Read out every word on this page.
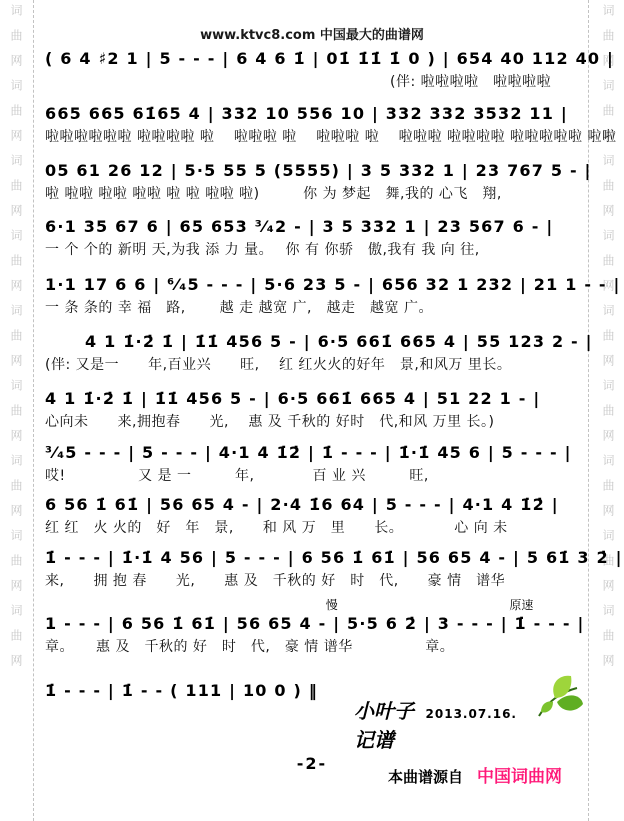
词曲网词曲网词曲网词曲网词曲网词曲网词曲网词曲网词曲网	词曲网词曲网词曲网词曲网词曲网词曲网词曲网词曲网词曲网
www.ktvc8.com 中国最大的曲谱网
( 6 4 ♯2 1 | 5 - - - | 6 4 6 1̇ | 01̇ 1̇1̇ 1̇ 0 ) | 654 40 112 40 |
(伴: 啦啦啦啦　啦啦啦啦
665 665 61̇65 4 | 332 10 556 10 | 332 332 3532 11 |
啦啦啦啦啦啦 啦啦啦啦 啦　 啦啦啦 啦　 啦啦啦 啦　 啦啦啦 啦啦啦啦 啦啦啦啦啦 啦啦
05 61 26 12 | 5·5 55 5 (5555) | 3 5 332 1 | 23 767 5 - |
啦 啦啦 啦啦 啦啦 啦 啦 啦啦 啦)　　　你 为 梦起　舞,我的 心飞　翔,
6·1 35 67 6 | 65 653 ³⁄₄2 - | 3 5 332 1 | 23 567 6 - |
一 个 个的 新明 天,为我 添 力 量。　 你 有 你骄　傲,我有 我 向 往,
1·1 17 6 6 | ⁶⁄₄5 - - - | 5·6 23 5 - | 656 32 1 232 | 21 1 - - |
一 条 条的 幸 福　路,　　 越 走 越宽 广,　越走　越宽 广。
4 1 1̇·2̇ 1̇ | 1̇1̇ 456 5 - | 6·5 661̇ 665 4 | 55 123 2 - |
(伴: 又是一　　年,百业兴　　旺,　 红 红火火的好年　景,和风万 里长。
4 1 1̇·2̇ 1̇ | 1̇1̇ 456 5 - | 6·5 661̇ 665 4 | 51 22 1 - |
心向未　　来,拥抱春　　光,　 惠 及 千秋的 好时　代,和风 万里 长。)
³⁄₄5 - - - | 5 - - - | 4·1 4 1̇2̇ | 1̇ - - - | 1̇·1̇ 45 6 | 5 - - - |
哎!　　　　　又 是 一　　　年,　　　　百 业 兴　　　旺,
6 56 1̇ 61̇ | 56 65 4 - | 2·4 1̇6 64 | 5 - - - | 4·1 4 1̇2̇ |
红 红　火 火的　好　年　景,　　和 风 万　里　　长。　　　　心 向 未
1̇ - - - | 1̇·1̇ 4 56 | 5 - - - | 6 56 1̇ 61̇ | 56 65 4 - | 5 61̇ 3 2̇ |
来,　　拥 抱 春　　光,　　惠 及　千秋的 好　时　代,　　豪 情　谱华
慢	原速
1 - - - | 6 56 1̇ 61̇ | 56 65 4 - | 5·5 6 2̇ | 3 - - - | 1̇ - - - |
章。　　惠 及　千秋的 好　时　代,　豪 情 谱华　　　　　章。
1̇ - - - | 1̇ - - ( 111 | 10 0 ) ‖
小叶子记谱
2013.07.16.
-2-
本曲谱源自 中国词曲网
